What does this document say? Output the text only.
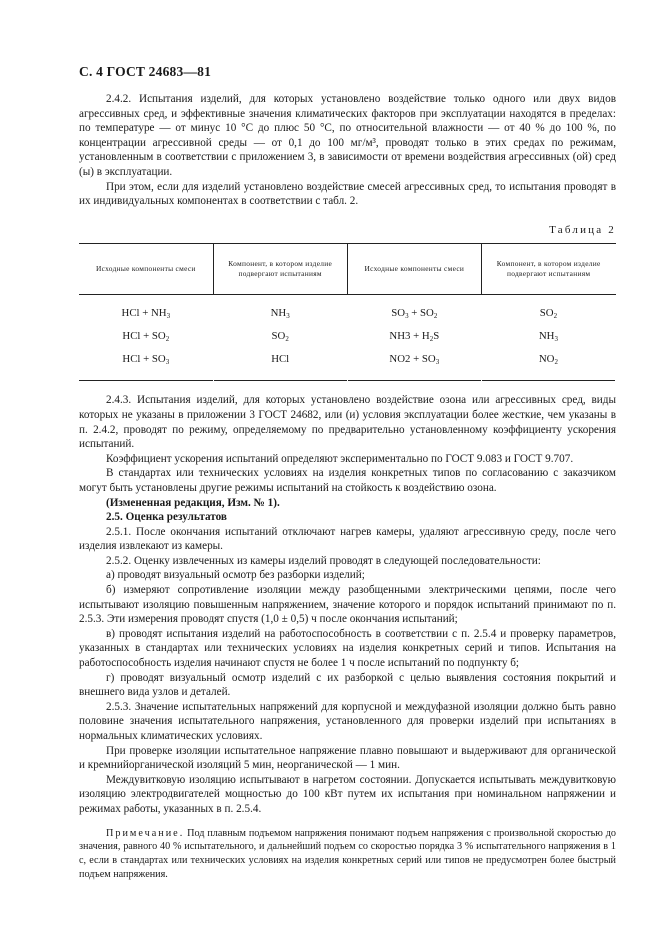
С. 4 ГОСТ 24683—81

2.4.2. Испытания изделий, для которых установлено воздействие только одного или двух видов агрессивных сред, и эффективные значения климатических факторов при эксплуатации находятся в пределах: по температуре — от минус 10 °С до плюс 50 °С, по относительной влажности — от 40 % до 100 %, по концентрации агрессивной среды — от 0,1 до 100 мг/м³, проводят только в этих средах по режимам, установленным в соответствии с приложением 3, в зависимости от времени воздействия агрессивных (ой) сред (ы) в эксплуатации.

При этом, если для изделий установлено воздействие смесей агрессивных сред, то испытания проводят в их индивидуальных компонентах в соответствии с табл. 2.

Таблица 2
Исходные компоненты смеси	Компонент, в котором изделие подвергают испытаниям	Исходные компоненты смеси	Компонент, в котором изделие подвергают испытаниям
HCl + $NH_3$	$NH_3$	$SO_3 + SO_2$	$SO_2$
HCl + $SO_2$	$SO_2$	$NH3 + H_2S$	$NH_3$
HCl + $SO_3$	HCl	$NO2 + SO_3$	$NO_2$

2.4.3. Испытания изделий, для которых установлено воздействие озона или агрессивных сред, виды которых не указаны в приложении 3 ГОСТ 24682, или (и) условия эксплуатации более жесткие, чем указаны в п. 2.4.2, проводят по режиму, определяемому по предварительно установленному коэффициенту ускорения испытаний.

Коэффициент ускорения испытаний определяют экспериментально по ГОСТ 9.083 и ГОСТ 9.707.

В стандартах или технических условиях на изделия конкретных типов по согласованию с заказчиком могут быть установлены другие режимы испытаний на стойкость к воздействию озона.

(Измененная редакция, Изм. № 1).

2.5. Оценка результатов

2.5.1. После окончания испытаний отключают нагрев камеры, удаляют агрессивную среду, после чего изделия извлекают из камеры.

2.5.2. Оценку извлеченных из камеры изделий проводят в следующей последовательности:

а) проводят визуальный осмотр без разборки изделий;

б) измеряют сопротивление изоляции между разобщенными электрическими цепями, после чего испытывают изоляцию повышенным напряжением, значение которого и порядок испытаний принимают по п. 2.5.3. Эти измерения проводят спустя (1,0 ± 0,5) ч после окончания испытаний;

в) проводят испытания изделий на работоспособность в соответствии с п. 2.5.4 и проверку параметров, указанных в стандартах или технических условиях на изделия конкретных серий и типов. Испытания на работоспособность изделия начинают спустя не более 1 ч после испытаний по подпункту б;

г) проводят визуальный осмотр изделий с их разборкой с целью выявления состояния покрытий и внешнего вида узлов и деталей.

2.5.3. Значение испытательных напряжений для корпусной и междуфазной изоляции должно быть равно половине значения испытательного напряжения, установленного для проверки изделий при испытаниях в нормальных климатических условиях.

При проверке изоляции испытательное напряжение плавно повышают и выдерживают для органической и кремнийорганической изоляций 5 мин, неорганической — 1 мин.

Междувитковую изоляцию испытывают в нагретом состоянии. Допускается испытывать междувитковую изоляцию электродвигателей мощностью до 100 кВт путем их испытания при номинальном напряжении и режимах работы, указанных в п. 2.5.4.

Примечание. Под плавным подъемом напряжения понимают подъем напряжения с произвольной скоростью до значения, равного 40 % испытательного, и дальнейший подъем со скоростью порядка 3 % испытательного напряжения в 1 с, если в стандартах или технических условиях на изделия конкретных серий или типов не предусмотрен более быстрый подъем напряжения.
